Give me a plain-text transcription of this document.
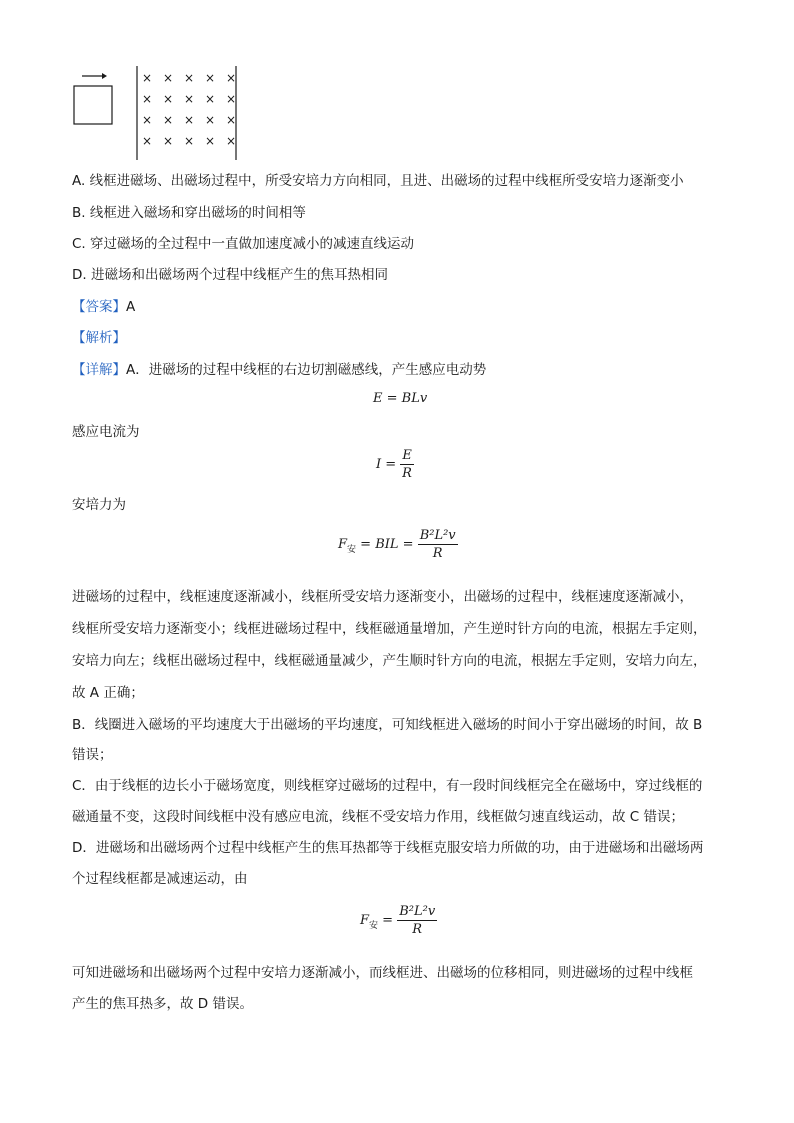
× × × × ×
× × × × ×
× × × × ×
× × × × ×
A. 线框进磁场、出磁场过程中，所受安培力方向相同，且进、出磁场的过程中线框所受安培力逐渐变小
B. 线框进入磁场和穿出磁场的时间相等
C. 穿过磁场的全过程中一直做加速度减小的减速直线运动
D. 进磁场和出磁场两个过程中线框产生的焦耳热相同
【答案】A
【解析】
【详解】A．进磁场的过程中线框的右边切割磁感线，产生感应电动势
E = BLv
感应电流为
$I = \frac{E}{R}$
安培力为
$F_安$ = BIL = $\frac{\text{B²L²v}}{R}$
进磁场的过程中，线框速度逐渐减小，线框所受安培力逐渐变小，出磁场的过程中，线框速度逐渐减小，
线框所受安培力逐渐变小；线框进磁场过程中，线框磁通量增加，产生逆时针方向的电流，根据左手定则，
安培力向左；线框出磁场过程中，线框磁通量减少，产生顺时针方向的电流，根据左手定则，安培力向左，
故 A 正确；
B．线圈进入磁场的平均速度大于出磁场的平均速度，可知线框进入磁场的时间小于穿出磁场的时间，故 B
错误；
C．由于线框的边长小于磁场宽度，则线框穿过磁场的过程中，有一段时间线框完全在磁场中，穿过线框的
磁通量不变，这段时间线框中没有感应电流，线框不受安培力作用，线框做匀速直线运动，故 C 错误；
D．进磁场和出磁场两个过程中线框产生的焦耳热都等于线框克服安培力所做的功，由于进磁场和出磁场两
个过程线框都是减速运动，由
$F_安 = \frac{\text{B²L²v}}{R}$
可知进磁场和出磁场两个过程中安培力逐渐减小，而线框进、出磁场的位移相同，则进磁场的过程中线框
产生的焦耳热多，故 D 错误。
